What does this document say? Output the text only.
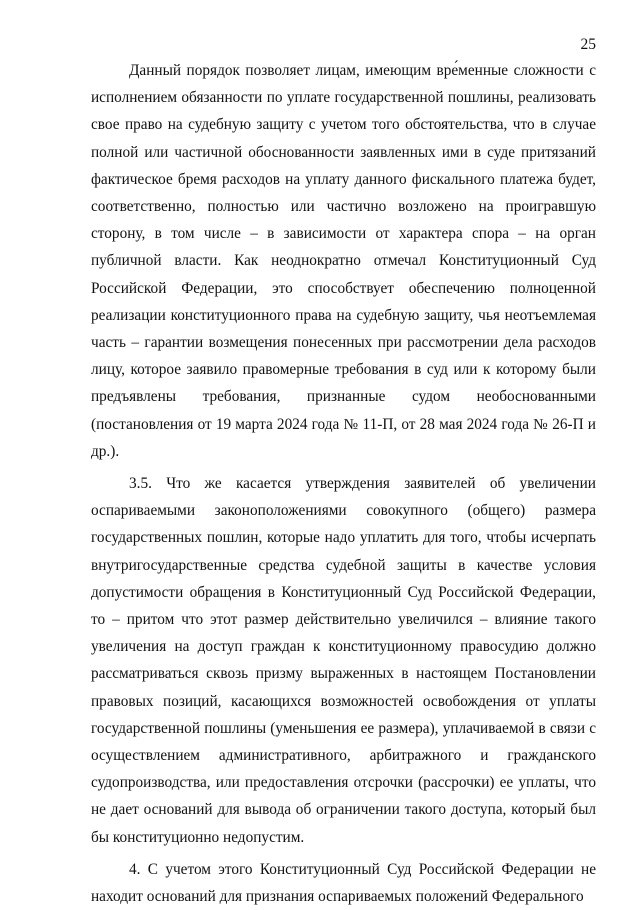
25

Данный порядок позволяет лицам, имеющим вре́менные сложности с исполнением обязанности по уплате государственной пошлины, реализовать свое право на судебную защиту с учетом того обстоятельства, что в случае полной или частичной обоснованности заявленных ими в суде притязаний фактическое бремя расходов на уплату данного фискального платежа будет, соответственно, полностью или частично возложено на проигравшую сторону, в том числе – в зависимости от характера спора – на орган публичной власти. Как неоднократно отмечал Конституционный Суд Российской Федерации, это способствует обеспечению полноценной реализации конституционного права на судебную защиту, чья неотъемлемая часть – гарантии возмещения понесенных при рассмотрении дела расходов лицу, которое заявило правомерные требования в суд или к которому были предъявлены требования, признанные судом необоснованными (постановления от 19 марта 2024 года № 11-П, от 28 мая 2024 года № 26-П и др.).

3.5. Что же касается утверждения заявителей об увеличении оспариваемыми законоположениями совокупного (общего) размера государственных пошлин, которые надо уплатить для того, чтобы исчерпать внутригосударственные средства судебной защиты в качестве условия допустимости обращения в Конституционный Суд Российской Федерации, то – притом что этот размер действительно увеличился – влияние такого увеличения на доступ граждан к конституционному правосудию должно рассматриваться сквозь призму выраженных в настоящем Постановлении правовых позиций, касающихся возможностей освобождения от уплаты государственной пошлины (уменьшения ее размера), уплачиваемой в связи с осуществлением административного, арбитражного и гражданского судопроизводства, или предоставления отсрочки (рассрочки) ее уплаты, что не дает оснований для вывода об ограничении такого доступа, который был бы конституционно недопустим.

4. С учетом этого Конституционный Суд Российской Федерации не находит оснований для признания оспариваемых положений Федерального
